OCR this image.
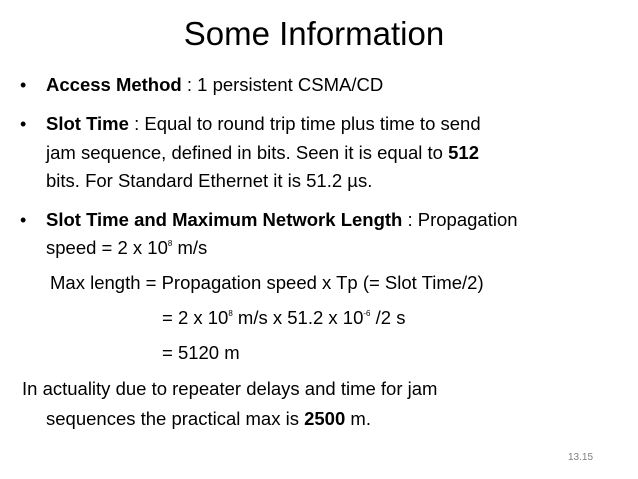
Some Information
• Access Method : 1 persistent CSMA/CD
• Slot Time : Equal to round trip time plus time to send
jam sequence, defined in bits. Seen it is equal to 512
bits. For Standard Ethernet it is 51.2 µs.
• Slot Time and Maximum Network Length : Propagation
speed = 2 x $10^8$ m/s
Max length = Propagation speed x Tp (= Slot Time/2)
= 2 x $10^8$ m/s x 51.2 x $10^{-6}$ /2 s
= 5120 m
In actuality due to repeater delays and time for jam
sequences the practical max is 2500 m.
13.15
